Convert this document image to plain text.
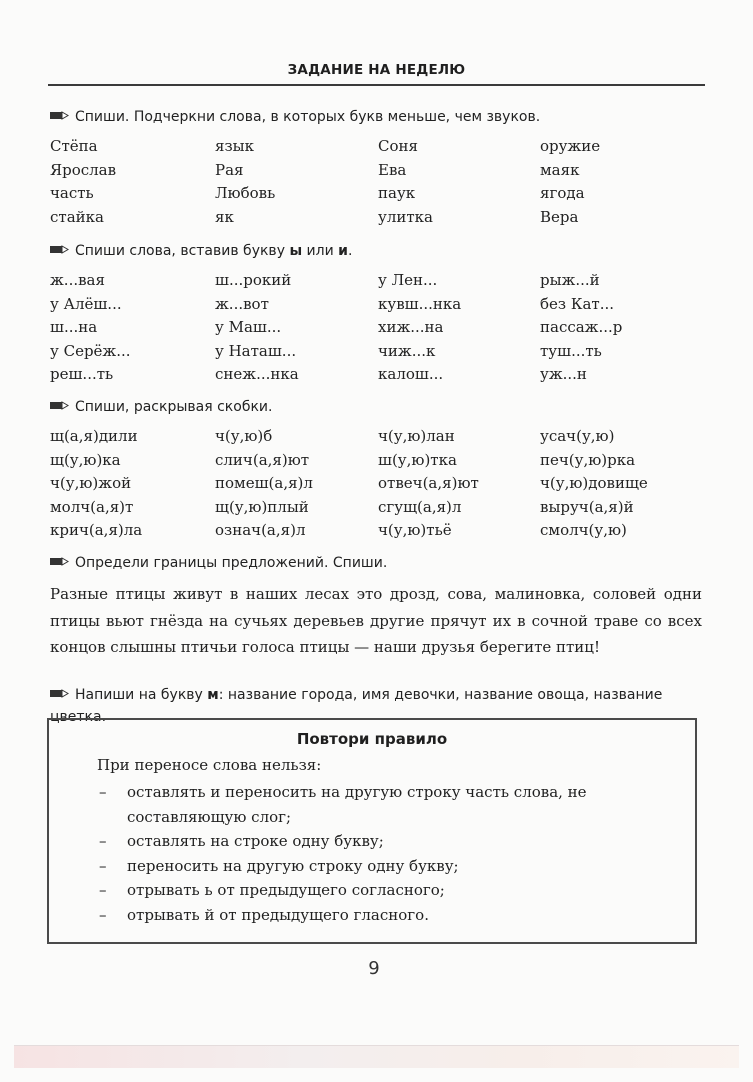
ЗАДАНИЕ НА НЕДЕЛЮ
Спиши. Подчеркни слова, в которых букв меньше, чем звуков.
Стёпа	язык	Соня	оружие
Ярослав	Рая	Ева	маяк
часть	Любовь	паук	ягода
стайка	як	улитка	Вера
Спиши слова, вставив букву ы или и.
ж...вая	ш...рокий	у Лен...	рыж...й
у Алёш...	ж...вот	кувш...нка	без Кат...
ш...на	у Маш...	хиж...на	пассаж...р
у Серёж...	у Наташ...	чиж...к	туш...ть
реш...ть	снеж...нка	калош...	уж...н
Спиши, раскрывая скобки.
щ(а,я)дили	ч(у,ю)б	ч(у,ю)лан	усач(у,ю)
щ(у,ю)ка	слич(а,я)ют	ш(у,ю)тка	печ(у,ю)рка
ч(у,ю)жой	помеш(а,я)л	отвеч(а,я)ют	ч(у,ю)довище
молч(а,я)т	щ(у,ю)плый	сгущ(а,я)л	выруч(а,я)й
крич(а,я)ла	означ(а,я)л	ч(у,ю)тьё	смолч(у,ю)
Определи границы предложений. Спиши.
Разные птицы живут в наших лесах это дрозд, сова, малиновка, соловей одни птицы вьют гнёзда на сучьях деревьев другие прячут их в сочной траве со всех концов слышны птичьи голоса птицы — наши друзья берегите птиц!
Напиши на букву м: название города, имя девочки, название овоща, название цветка.
Повтори правило
При переносе слова нельзя:
– оставлять и переносить на другую строку часть слова, не составляющую слог;
– оставлять на строке одну букву;
– переносить на другую строку одну букву;
– отрывать ь от предыдущего согласного;
– отрывать й от предыдущего гласного.
9
